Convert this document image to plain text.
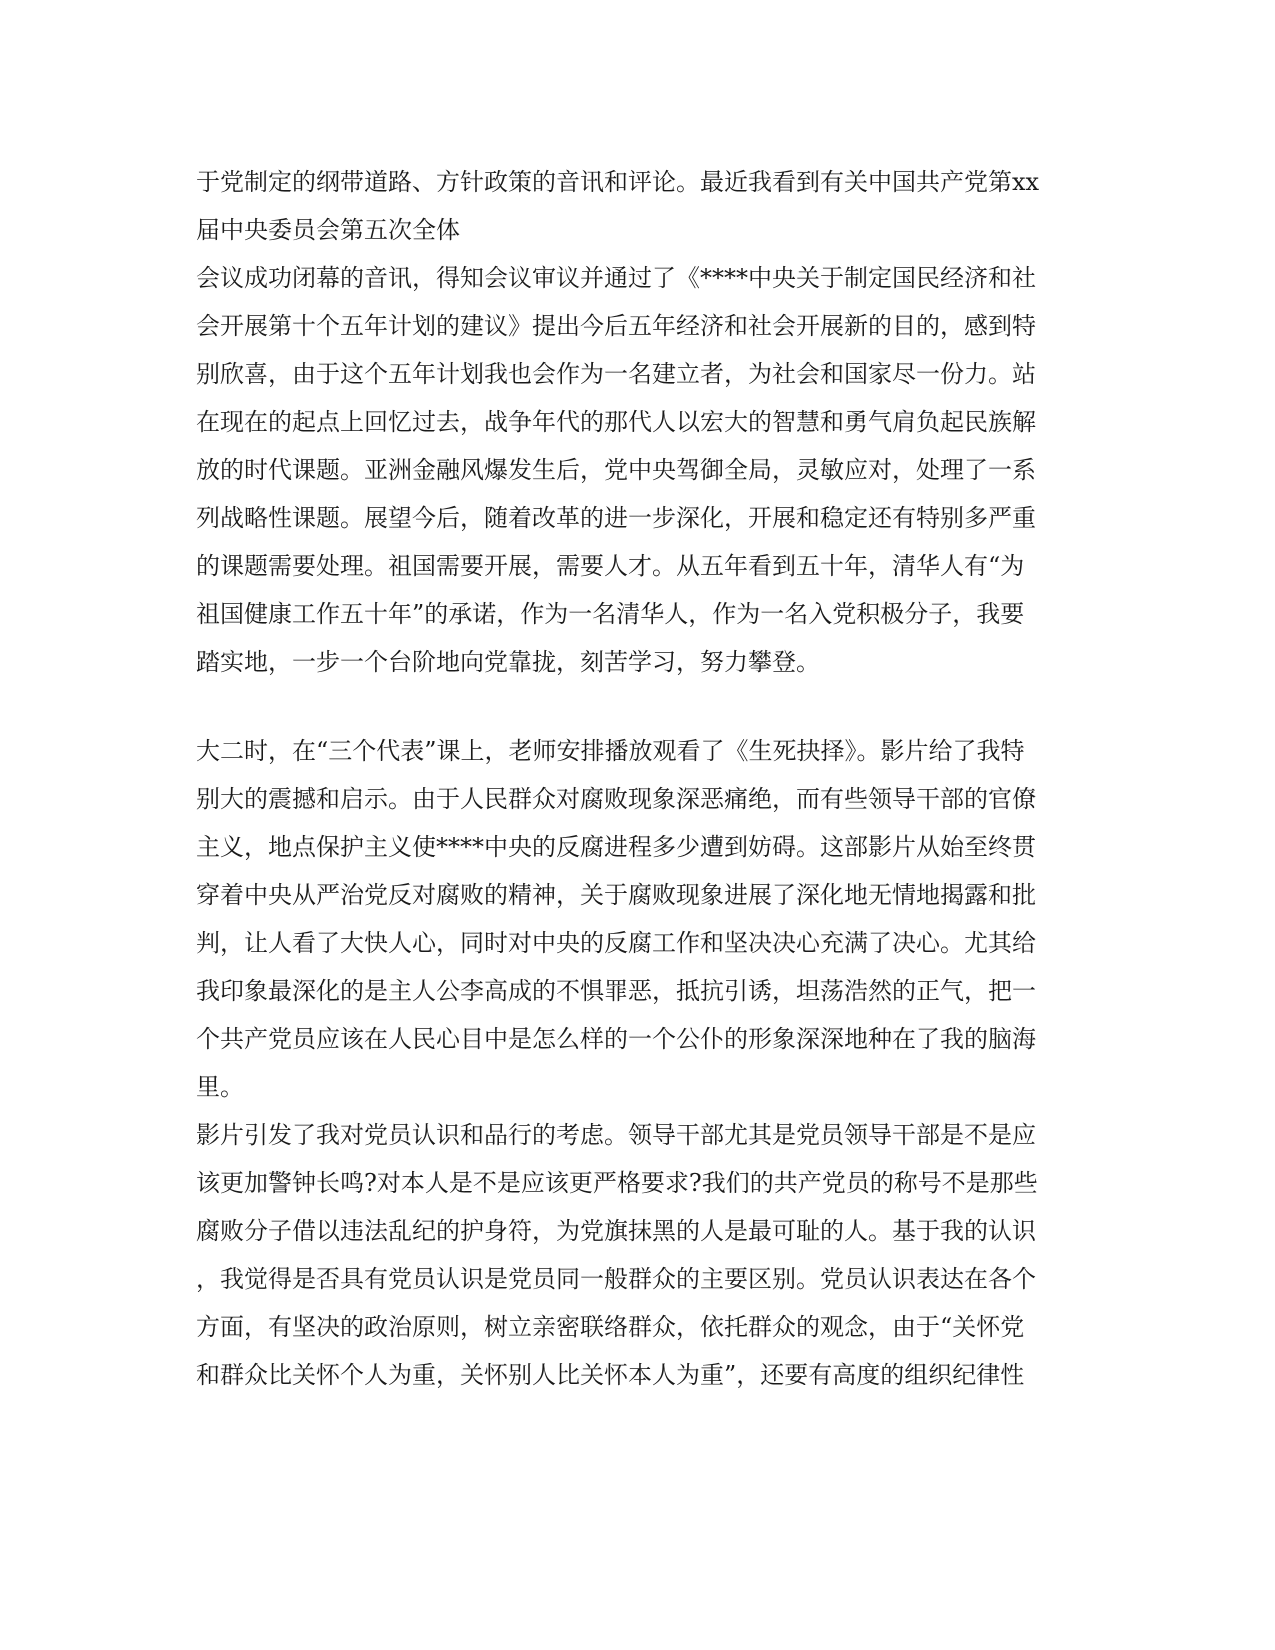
于党制定的纲带道路、方针政策的音讯和评论。最近我看到有关中国共产党第xx
届中央委员会第五次全体
会议成功闭幕的音讯，得知会议审议并通过了《****中央关于制定国民经济和社
会开展第十个五年计划的建议》提出今后五年经济和社会开展新的目的，感到特
别欣喜，由于这个五年计划我也会作为一名建立者，为社会和国家尽一份力。站
在现在的起点上回忆过去，战争年代的那代人以宏大的智慧和勇气肩负起民族解
放的时代课题。亚洲金融风爆发生后，党中央驾御全局，灵敏应对，处理了一系
列战略性课题。展望今后，随着改革的进一步深化，开展和稳定还有特别多严重
的课题需要处理。祖国需要开展，需要人才。从五年看到五十年，清华人有“为
祖国健康工作五十年”的承诺，作为一名清华人，作为一名入党积极分子，我要
踏实地，一步一个台阶地向党靠拢，刻苦学习，努力攀登。
大二时，在“三个代表”课上，老师安排播放观看了《生死抉择》。影片给了我特
别大的震撼和启示。由于人民群众对腐败现象深恶痛绝，而有些领导干部的官僚
主义，地点保护主义使****中央的反腐进程多少遭到妨碍。这部影片从始至终贯
穿着中央从严治党反对腐败的精神，关于腐败现象进展了深化地无情地揭露和批
判，让人看了大快人心，同时对中央的反腐工作和坚决决心充满了决心。尤其给
我印象最深化的是主人公李高成的不惧罪恶，抵抗引诱，坦荡浩然的正气，把一
个共产党员应该在人民心目中是怎么样的一个公仆的形象深深地种在了我的脑海
里。
影片引发了我对党员认识和品行的考虑。领导干部尤其是党员领导干部是不是应
该更加警钟长鸣?对本人是不是应该更严格要求?我们的共产党员的称号不是那些
腐败分子借以违法乱纪的护身符，为党旗抹黑的人是最可耻的人。基于我的认识
，我觉得是否具有党员认识是党员同一般群众的主要区别。党员认识表达在各个
方面，有坚决的政治原则，树立亲密联络群众，依托群众的观念，由于“关怀党
和群众比关怀个人为重，关怀别人比关怀本人为重”，还要有高度的组织纪律性
